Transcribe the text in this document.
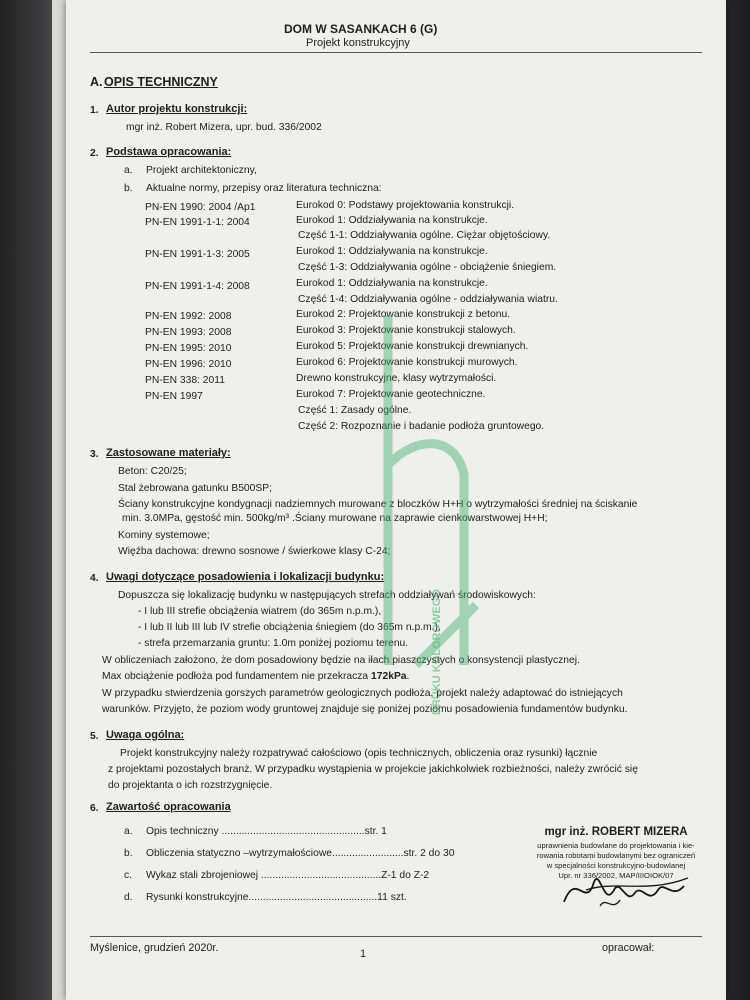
DOM W SASANKACH 6 (G)
Projekt konstrukcyjny
A. OPIS TECHNICZNY
1. Autor projektu konstrukcji:
mgr inż. Robert Mizera, upr. bud. 336/2002
2. Podstawa opracowania:
a. Projekt architektoniczny,
b. Aktualne normy, przepisy oraz literatura techniczna:
PN-EN 1990: 2004 /Ap1
PN-EN 1991-1-1: 2004
PN-EN 1991-1-3: 2005
PN-EN 1991-1-4: 2008
PN-EN 1992: 2008
PN-EN 1993: 2008
PN-EN 1995: 2010
PN-EN 1996: 2010
PN-EN 338: 2011
PN-EN 1997
Eurokod 0: Podstawy projektowania konstrukcji.
Eurokod 1: Oddziaływania na konstrukcje.
Część 1-1: Oddziaływania ogólne. Ciężar objętościowy.
Eurokod 1: Oddziaływania na konstrukcje.
Część 1-3: Oddziaływania ogólne - obciążenie śniegiem.
Eurokod 1: Oddziaływania na konstrukcje.
Część 1-4: Oddziaływania ogólne - oddziaływania wiatru.
Eurokod 2: Projektowanie konstrukcji z betonu.
Eurokod 3: Projektowanie konstrukcji stalowych.
Eurokod 5: Projektowanie konstrukcji drewnianych.
Eurokod 6: Projektowanie konstrukcji murowych.
Drewno konstrukcyjne, klasy wytrzymałości.
Eurokod 7: Projektowanie geotechniczne.
Część 1: Zasady ogólne.
Część 2: Rozpoznanie i badanie podłoża gruntowego.
3. Zastosowane materiały:
Beton: C20/25;
Stal żebrowana gatunku B500SP;
Ściany konstrukcyjne kondygnacji nadziemnych murowane z bloczków H+H o wytrzymałości średniej na ściskanie
min. 3.0MPa, gęstość min. 500kg/m³ .Ściany murowane na zaprawie cienkowarstwowej H+H;
Kominy systemowe;
Więźba dachowa: drewno sosnowe / świerkowe klasy C-24;
4. Uwagi dotyczące posadowienia i lokalizacji budynku:
Dopuszcza się lokalizację budynku w następujących strefach oddziaływań środowiskowych:
- I lub III strefie obciążenia wiatrem (do 365m n.p.m.),
- I lub II lub III lub IV strefie obciążenia śniegiem (do 365m n.p.m.),
- strefa przemarzania gruntu: 1.0m poniżej poziomu terenu.
W obliczeniach założono, że dom posadowiony będzie na iłach piaszczystych o konsystencji plastycznej.
Max obciążenie podłoża pod fundamentem nie przekracza 172kPa.
W przypadku stwierdzenia gorszych parametrów geologicznych podłoża, projekt należy adaptować do istniejących
warunków. Przyjęto, że poziom wody gruntowej znajduje się poniżej poziomu posadowienia fundamentów budynku.
5. Uwaga ogólna:
Projekt konstrukcyjny należy rozpatrywać całościowo (opis technicznych, obliczenia oraz rysunki) łącznie
z projektami pozostałych branż. W przypadku wystąpienia w projekcie jakichkolwiek rozbieżności, należy zwrócić się
do projektanta o ich rozstrzygnięcie.
6. Zawartość opracowania
a. Opis techniczny ..................................................str. 1
b. Obliczenia statyczno –wytrzymałościowe.........................str. 2 do 30
c. Wykaz stali zbrojeniowej ..........................................Z-1 do Z-2
d. Rysunki konstrukcyjne.............................................11 szt.
mgr inż. ROBERT MIZERA
uprawnienia budowlane do projektowania i kie-
rowania robotami budowlanymi bez ograniczeń
w specjalności konstrukcyjno-budowlanej
Upr. nr 336/2002, MAP/IIIOIOK/07
Myślenice, grudzień 2020r.	1	opracował:
DRUKU KOLOROWEGO
